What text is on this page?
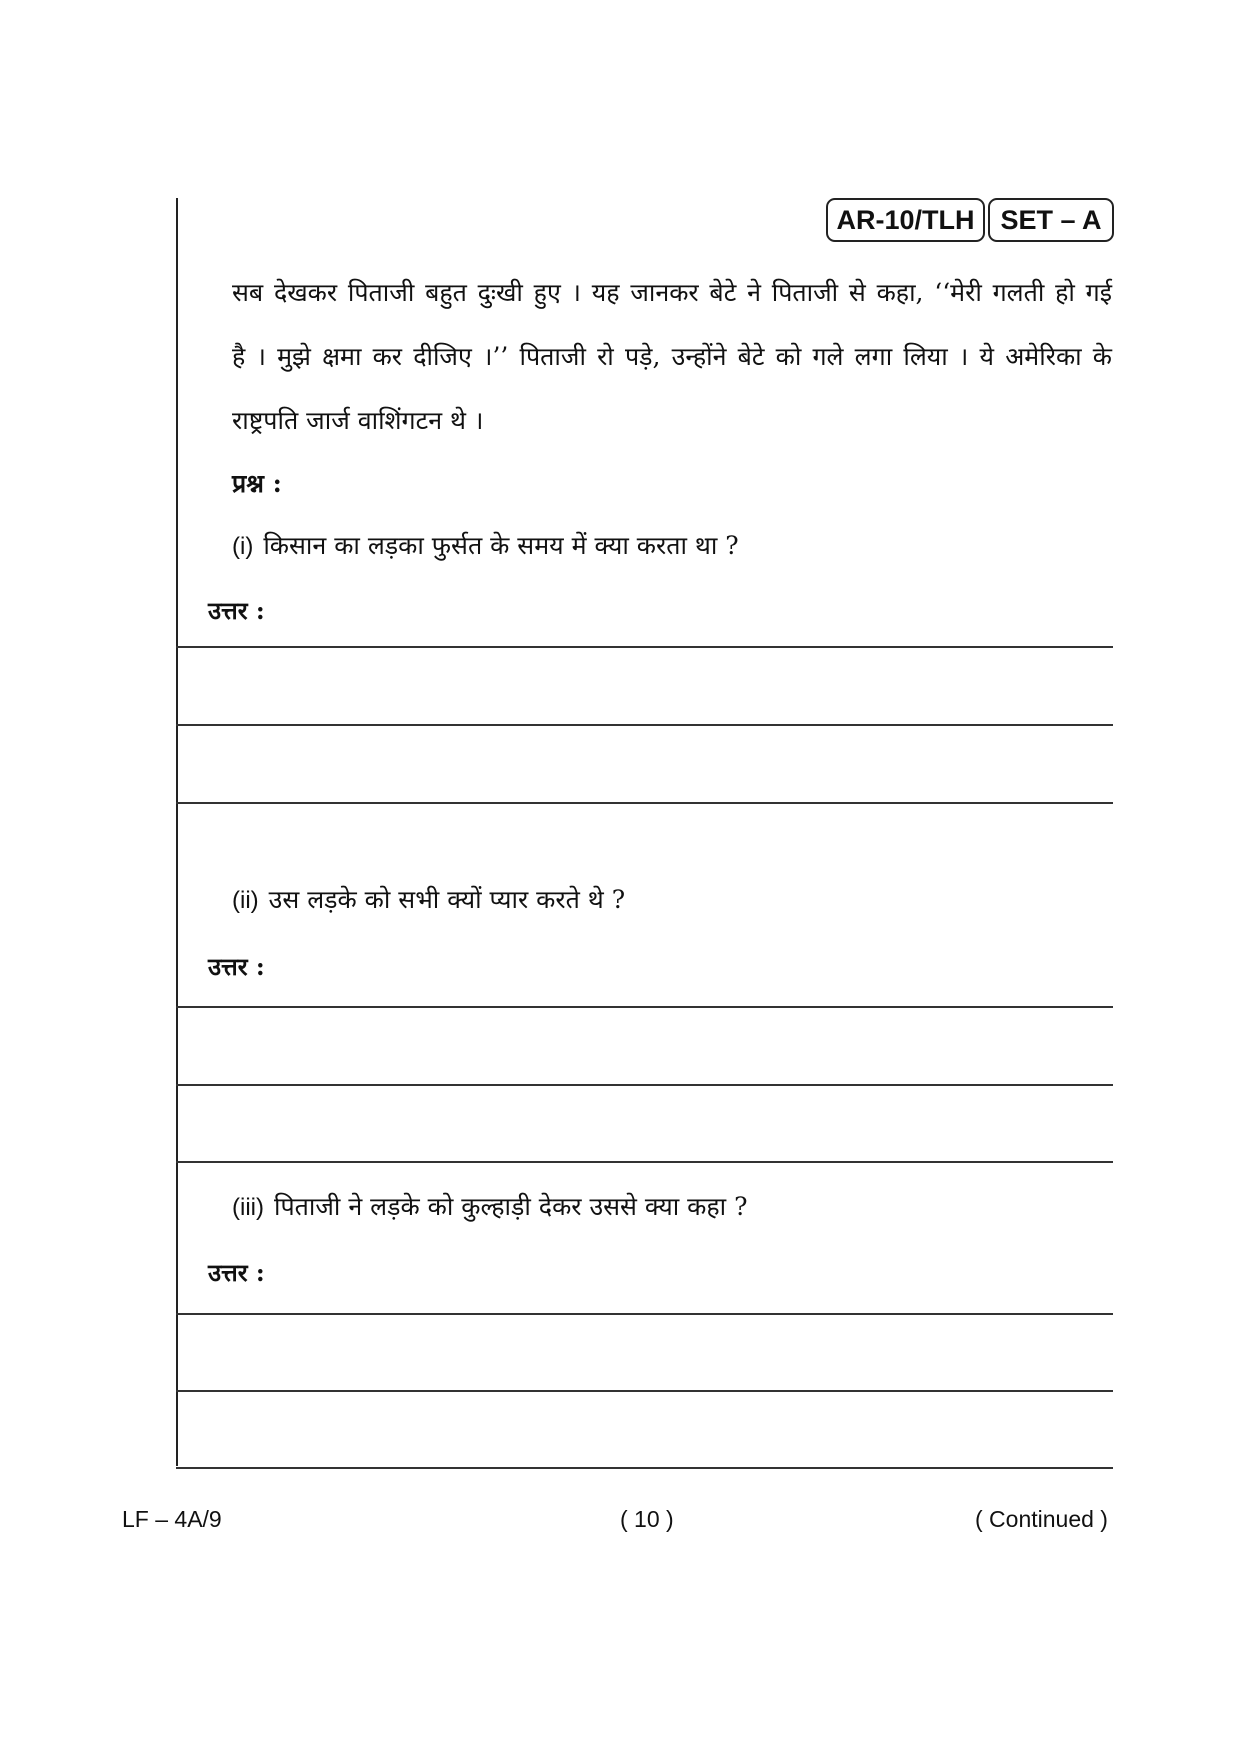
AR-10/TLH SET – A
सब देखकर पिताजी बहुत दुःखी हुए । यह जानकर बेटे ने पिताजी से कहा, ‘‘मेरी गलती हो गई
है । मुझे क्षमा कर दीजिए ।’’ पिताजी रो पड़े, उन्होंने बेटे को गले लगा लिया । ये अमेरिका के
राष्ट्रपति जार्ज वाशिंगटन थे ।
प्रश्न :
(i) किसान का लड़का फुर्सत के समय में क्या करता था ?
उत्तर :
(ii) उस लड़के को सभी क्यों प्यार करते थे ?
उत्तर :
(iii) पिताजी ने लड़के को कुल्हाड़ी देकर उससे क्या कहा ?
उत्तर :
LF – 4A/9	( 10 )	( Continued )
